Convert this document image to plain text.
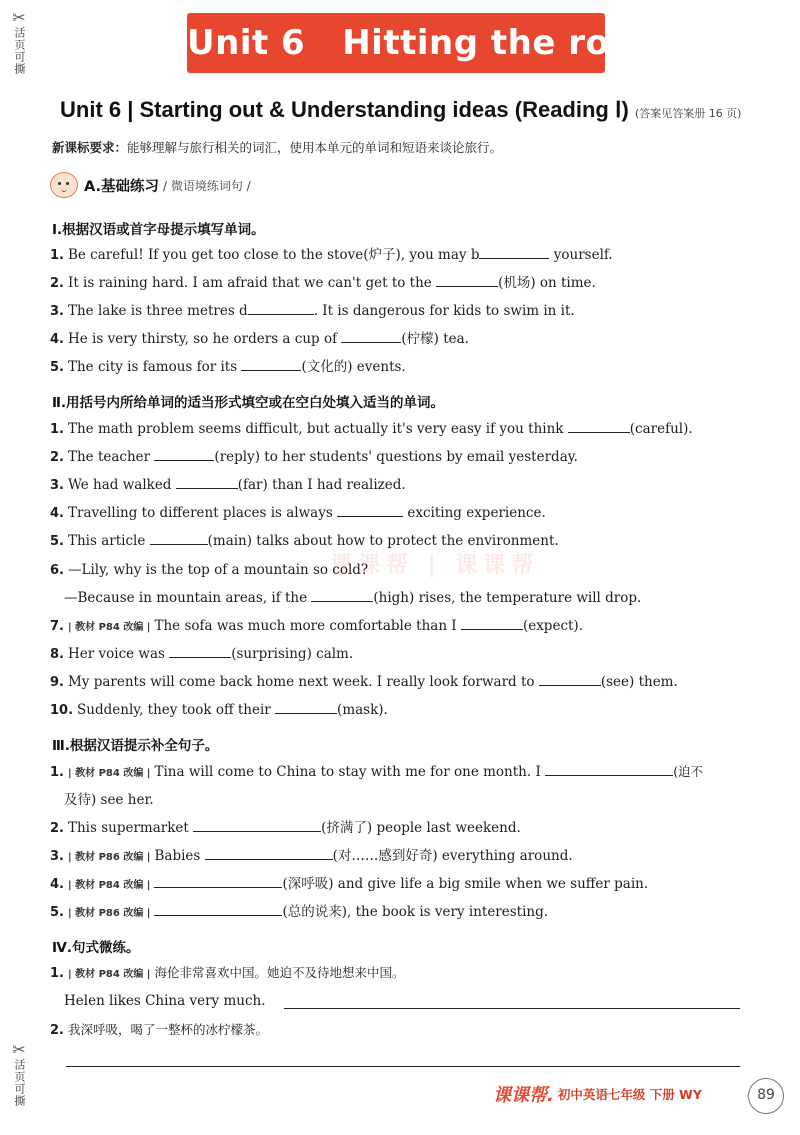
✂
活页可撕
✂
活页可撕
课课帮 | 课课帮
Unit 6   Hitting the road
Unit 6 | Starting out & Understanding ideas (Reading Ⅰ) (答案见答案册 16 页)
新课标要求：能够理解与旅行相关的词汇，使用本单元的单词和短语来谈论旅行。
A.基础练习 / 微语境练词句 /
Ⅰ.根据汉语或首字母提示填写单词。
1. Be careful! If you get too close to the stove(炉子), you may b	yourself.
2. It is raining hard. I am afraid that we can't get to the	(机场) on time.
3. The lake is three metres d	. It is dangerous for kids to swim in it.
4. He is very thirsty, so he orders a cup of	(柠檬) tea.
5. The city is famous for its	(文化的) events.
Ⅱ.用括号内所给单词的适当形式填空或在空白处填入适当的单词。
1. The math problem seems difficult, but actually it's very easy if you think	(careful).
2. The teacher	(reply) to her students' questions by email yesterday.
3. We had walked	(far) than I had realized.
4. Travelling to different places is always	exciting experience.
5. This article	(main) talks about how to protect the environment.
6. —Lily, why is the top of a mountain so cold?
—Because in mountain areas, if the	(high) rises, the temperature will drop.
7. | 教材 P84 改编 | The sofa was much more comfortable than I	(expect).
8. Her voice was	(surprising) calm.
9. My parents will come back home next week. I really look forward to	(see) them.
10. Suddenly, they took off their	(mask).
Ⅲ.根据汉语提示补全句子。
1. | 教材 P84 改编 | Tina will come to China to stay with me for one month. I	(迫不
及待) see her.
2. This supermarket	(挤满了) people last weekend.
3. | 教材 P86 改编 | Babies	(对……感到好奇) everything around.
4. | 教材 P84 改编 |	(深呼吸) and give life a big smile when we suffer pain.
5. | 教材 P86 改编 |	(总的说来), the book is very interesting.
Ⅳ.句式微练。
1. | 教材 P84 改编 | 海伦非常喜欢中国。她迫不及待地想来中国。
Helen likes China very much.
2. 我深呼吸，喝了一整杯的冰柠檬茶。
课课帮. 初中英语七年级 下册 WY	89
